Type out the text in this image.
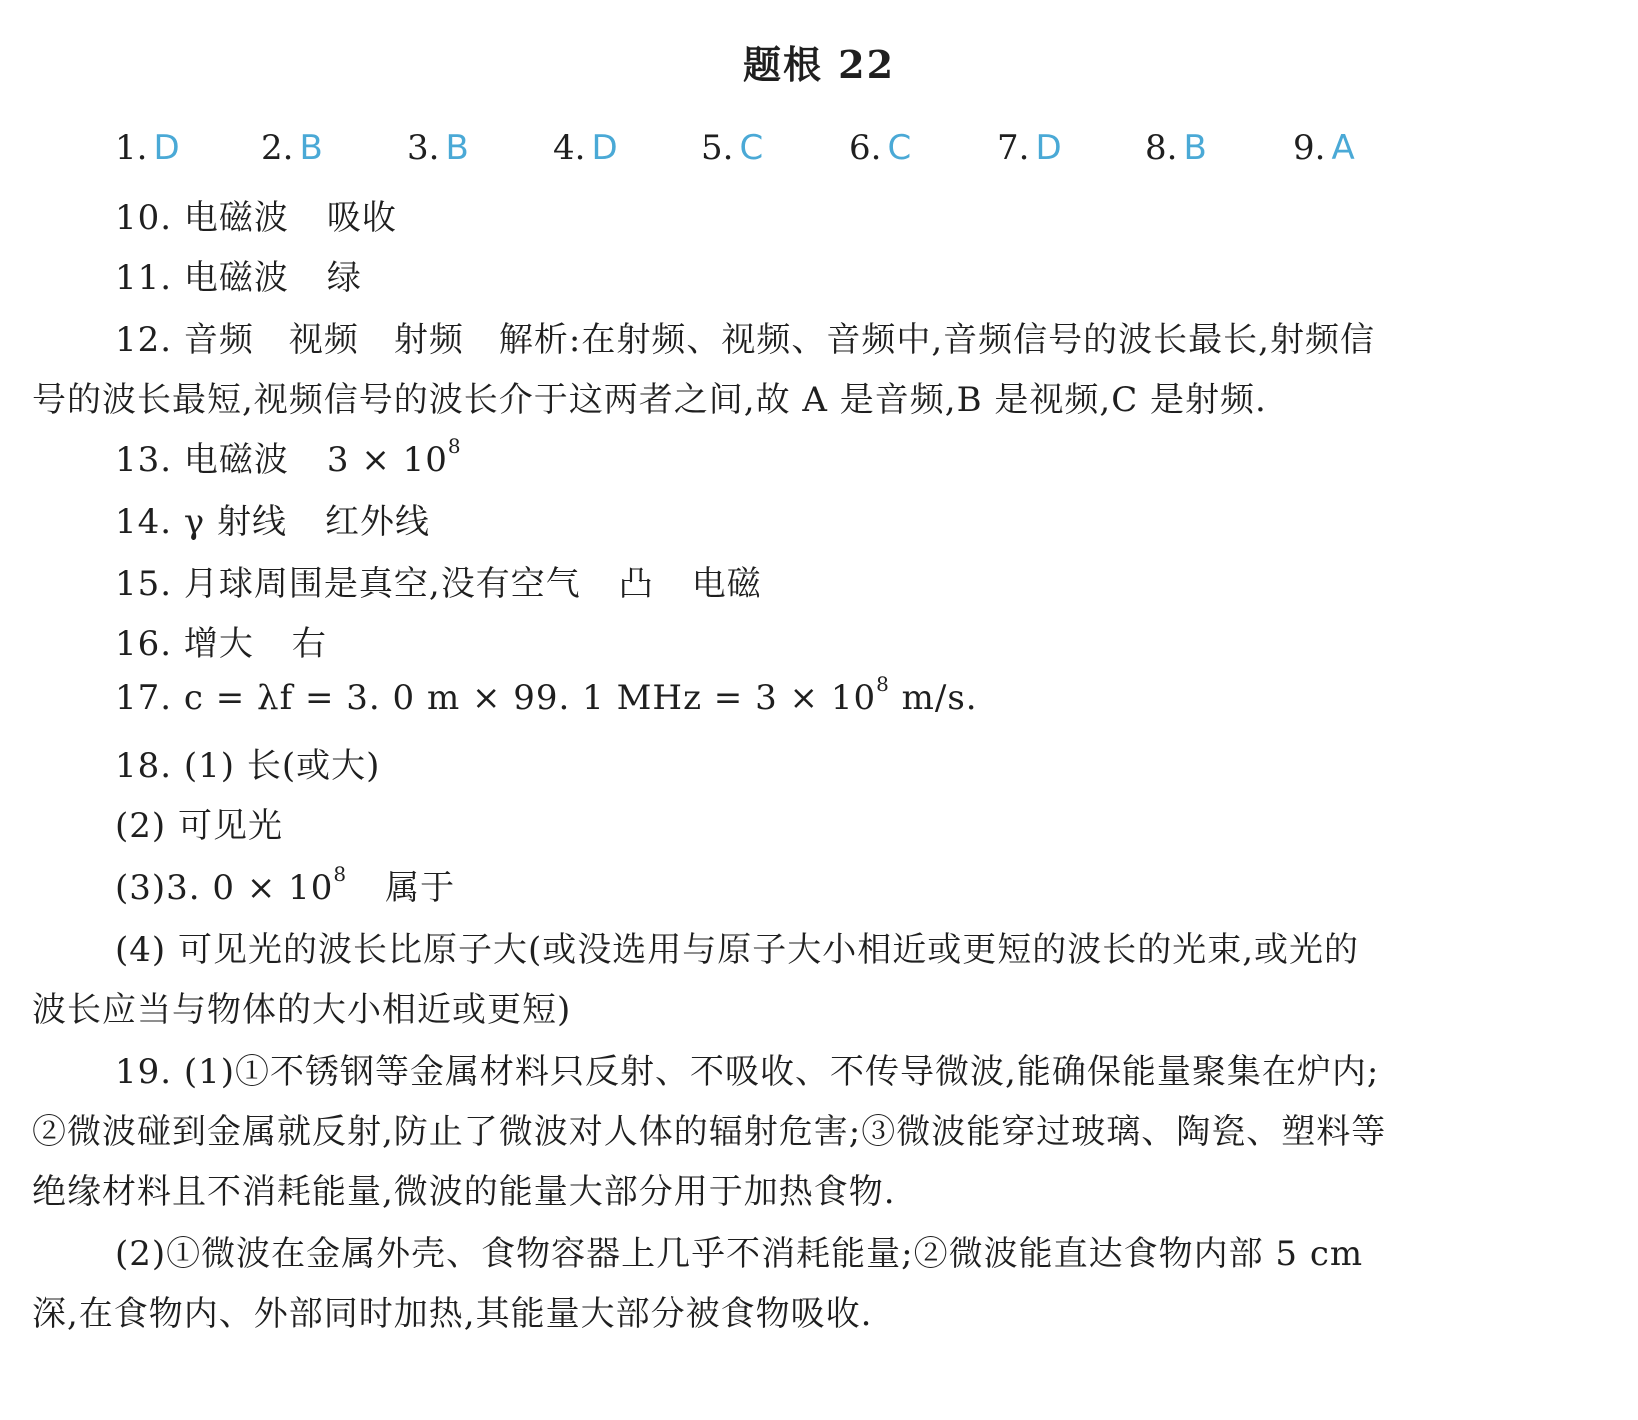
题根 22
1. D 2. B 3. B 4. D 5. C	6. C	7. D 8. B	9. A
10. 电磁波 吸收
11. 电磁波 绿
12. 音频　视频　射频　解析:在射频、视频、音频中,音频信号的波长最长,射频信
号的波长最短,视频信号的波长介于这两者之间,故 A 是音频,B 是视频,C 是射频.
13. 电磁波 $3 \times 10^8$
14. γ 射线 红外线
15. 月球周围是真空,没有空气 凸 电磁
16. 增大 右
17. c = λf = 3. 0 m × 99. 1 MHz = $3 \times 10^8$ m/s.
18. (1) 长(或大)
(2) 可见光
(3)3. $0 \times 10^8$ 属于
(4) 可见光的波长比原子大(或没选用与原子大小相近或更短的波长的光束,或光的
波长应当与物体的大小相近或更短)
19. (1)①不锈钢等金属材料只反射、不吸收、不传导微波,能确保能量聚集在炉内;
②微波碰到金属就反射,防止了微波对人体的辐射危害;③微波能穿过玻璃、陶瓷、塑料等
绝缘材料且不消耗能量,微波的能量大部分用于加热食物.
(2)①微波在金属外壳、食物容器上几乎不消耗能量;②微波能直达食物内部 5 cm
深,在食物内、外部同时加热,其能量大部分被食物吸收.
